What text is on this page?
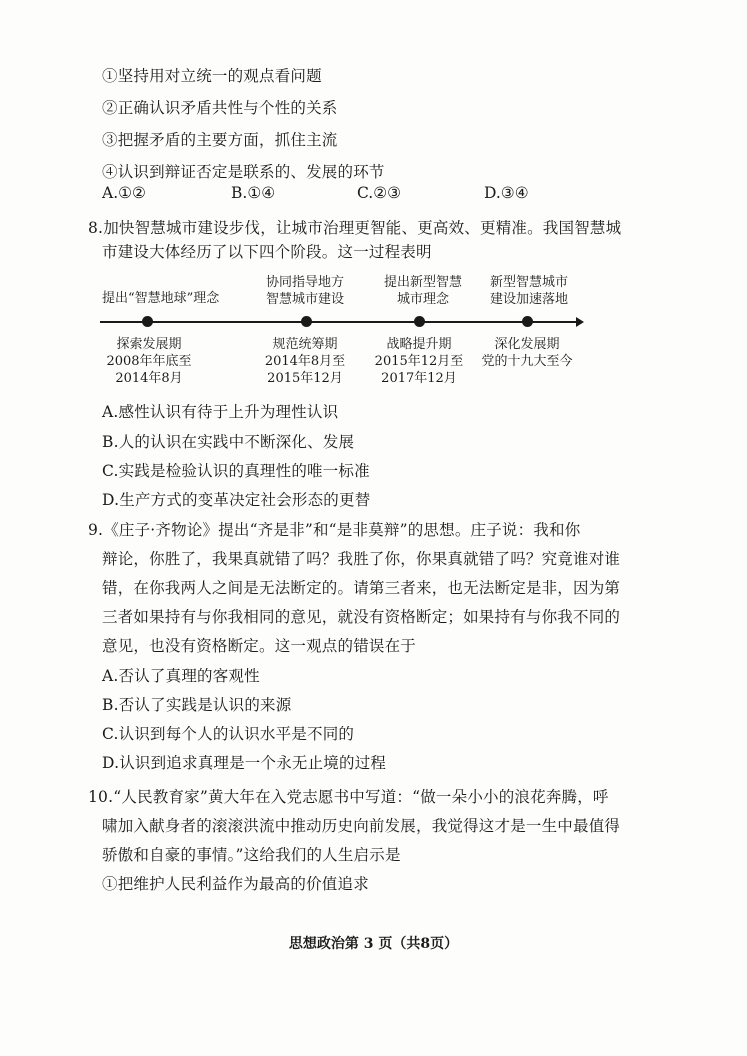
①坚持用对立统一的观点看问题
②正确认识矛盾共性与个性的关系
③把握矛盾的主要方面，抓住主流
④认识到辩证否定是联系的、发展的环节
A.①②	B.①④	C.②③	D.③④
8.加快智慧城市建设步伐，让城市治理更智能、更高效、更精准。我国智慧城
市建设大体经历了以下四个阶段。这一过程表明
提出“智慧地球”理念
协同指导地方
智慧城市建设
提出新型智慧
城市理念
新型智慧城市
建设加速落地
探索发展期
2008年年底至
2014年8月
规范统筹期
2014年8月至
2015年12月
战略提升期
2015年12月至
2017年12月
深化发展期
党的十九大至今
A.感性认识有待于上升为理性认识
B.人的认识在实践中不断深化、发展
C.实践是检验认识的真理性的唯一标准
D.生产方式的变革决定社会形态的更替
9.《庄子·齐物论》提出“齐是非”和“是非莫辩”的思想。庄子说：我和你
辩论，你胜了，我果真就错了吗？我胜了你，你果真就错了吗？究竟谁对谁
错，在你我两人之间是无法断定的。请第三者来，也无法断定是非，因为第
三者如果持有与你我相同的意见，就没有资格断定；如果持有与你我不同的
意见，也没有资格断定。这一观点的错误在于
A.否认了真理的客观性
B.否认了实践是认识的来源
C.认识到每个人的认识水平是不同的
D.认识到追求真理是一个永无止境的过程
10.“人民教育家”黄大年在入党志愿书中写道：“做一朵小小的浪花奔腾，呼
啸加入献身者的滚滚洪流中推动历史向前发展，我觉得这才是一生中最值得
骄傲和自豪的事情。”这给我们的人生启示是
①把维护人民利益作为最高的价值追求
思想政治第 3 页（共8页）
